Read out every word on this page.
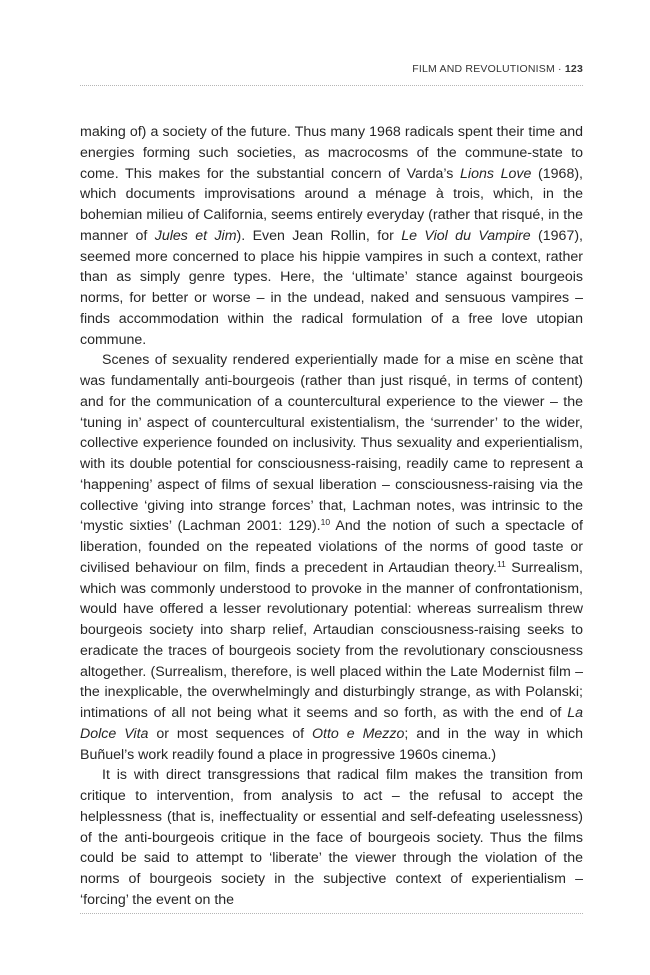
FILM AND REVOLUTIONISM · 123

making of) a society of the future. Thus many 1968 radicals spent their time and energies forming such societies, as macrocosms of the commune-state to come. This makes for the substantial concern of Varda’s Lions Love (1968), which documents improvisations around a ménage à trois, which, in the bohemian milieu of California, seems entirely everyday (rather that risqué, in the manner of Jules et Jim). Even Jean Rollin, for Le Viol du Vampire (1967), seemed more concerned to place his hippie vampires in such a context, rather than as simply genre types. Here, the ‘ultimate’ stance against bourgeois norms, for better or worse – in the undead, naked and sensuous vampires – finds accommodation within the radical formulation of a free love utopian commune.

Scenes of sexuality rendered experientially made for a mise en scène that was fundamentally anti-bourgeois (rather than just risqué, in terms of content) and for the communication of a countercultural experience to the viewer – the ‘tuning in’ aspect of countercultural existentialism, the ‘surrender’ to the wider, collective experience founded on inclusivity. Thus sexuality and experientialism, with its double potential for consciousness-raising, readily came to represent a ‘happening’ aspect of films of sexual liberation – consciousness-raising via the collective ‘giving into strange forces’ that, Lachman notes, was intrinsic to the ‘mystic sixties’ (Lachman 2001: 129).$^{10}$ And the notion of such a spectacle of liberation, founded on the repeated violations of the norms of good taste or civilised behaviour on film, finds a precedent in Artaudian theory.$^{11}$ Surrealism, which was commonly understood to provoke in the manner of confrontationism, would have offered a lesser revolutionary potential: whereas surrealism threw bourgeois society into sharp relief, Artaudian consciousness-raising seeks to eradicate the traces of bourgeois society from the revolutionary consciousness altogether. (Surrealism, therefore, is well placed within the Late Modernist film – the inexplicable, the overwhelmingly and disturbingly strange, as with Polanski; intimations of all not being what it seems and so forth, as with the end of La Dolce Vita or most sequences of Otto e Mezzo; and in the way in which Buñuel’s work readily found a place in progressive 1960s cinema.)

It is with direct transgressions that radical film makes the transition from critique to intervention, from analysis to act – the refusal to accept the helplessness (that is, ineffectuality or essential and self-defeating uselessness) of the anti-bourgeois critique in the face of bourgeois society. Thus the films could be said to attempt to ‘liberate’ the viewer through the violation of the norms of bourgeois society in the subjective context of experientialism – ‘forcing’ the event on the
